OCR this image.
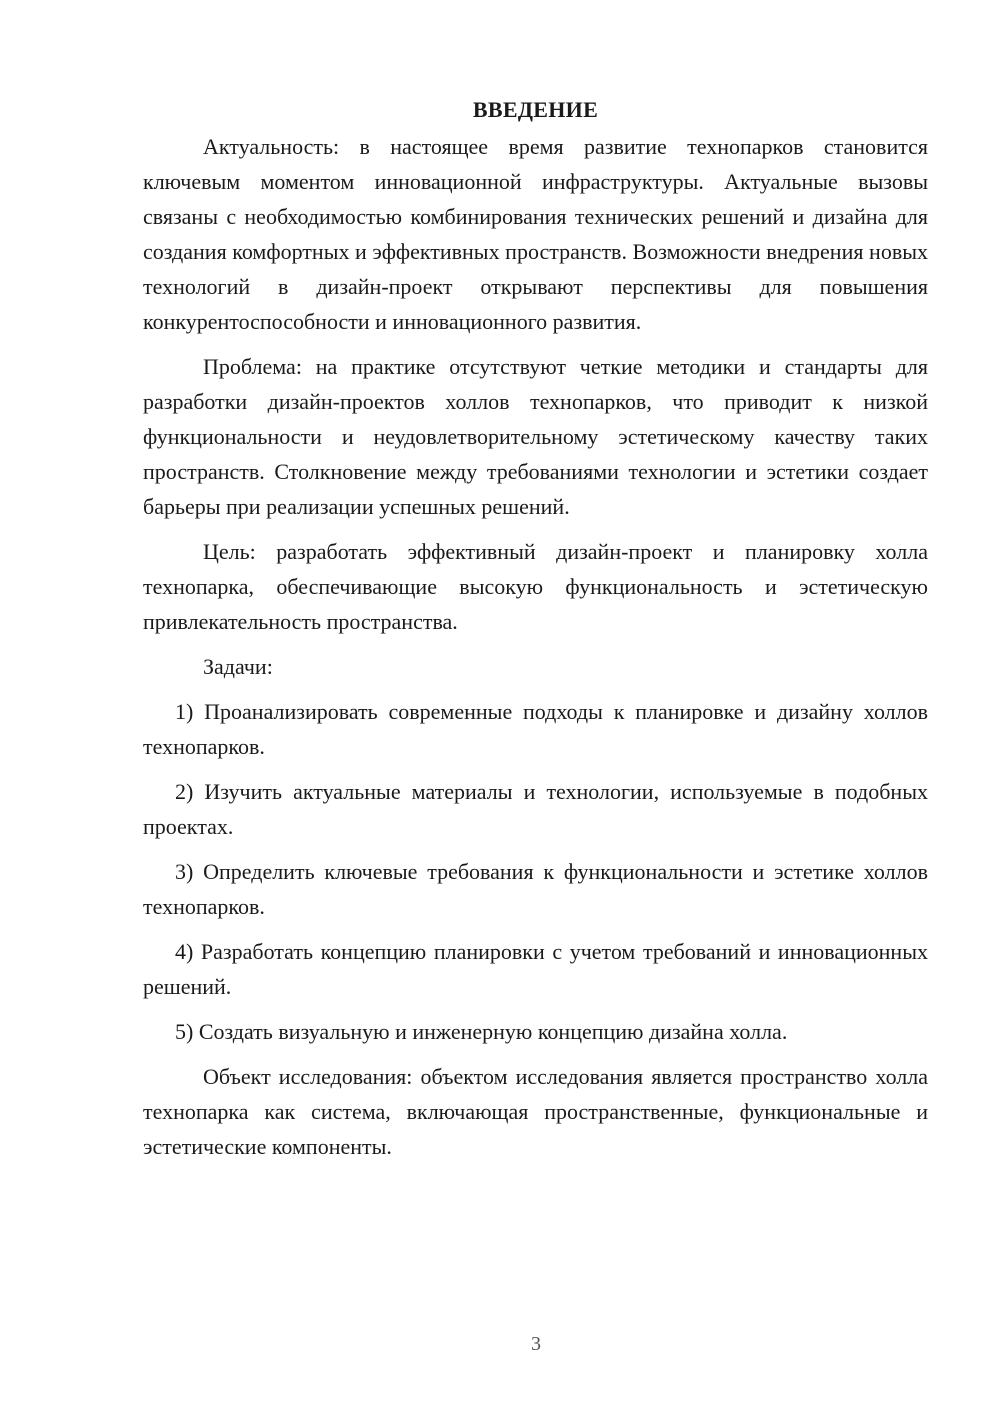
ВВЕДЕНИЕ

Актуальность: в настоящее время развитие технопарков становится ключевым моментом инновационной инфраструктуры. Актуальные вызовы связаны с необходимостью комбинирования технических решений и дизайна для создания комфортных и эффективных пространств. Возможности внедрения новых технологий в дизайн-проект открывают перспективы для повышения конкурентоспособности и инновационного развития.

Проблема: на практике отсутствуют четкие методики и стандарты для разработки дизайн-проектов холлов технопарков, что приводит к низкой функциональности и неудовлетворительному эстетическому качеству таких пространств. Столкновение между требованиями технологии и эстетики создает барьеры при реализации успешных решений.

Цель: разработать эффективный дизайн-проект и планировку холла технопарка, обеспечивающие высокую функциональность и эстетическую привлекательность пространства.

Задачи:

1) Проанализировать современные подходы к планировке и дизайну холлов технопарков.

2) Изучить актуальные материалы и технологии, используемые в подобных проектах.

3) Определить ключевые требования к функциональности и эстетике холлов технопарков.

4) Разработать концепцию планировки с учетом требований и инновационных решений.

5) Создать визуальную и инженерную концепцию дизайна холла.

Объект исследования: объектом исследования является пространство холла технопарка как система, включающая пространственные, функциональные и эстетические компоненты.

3
